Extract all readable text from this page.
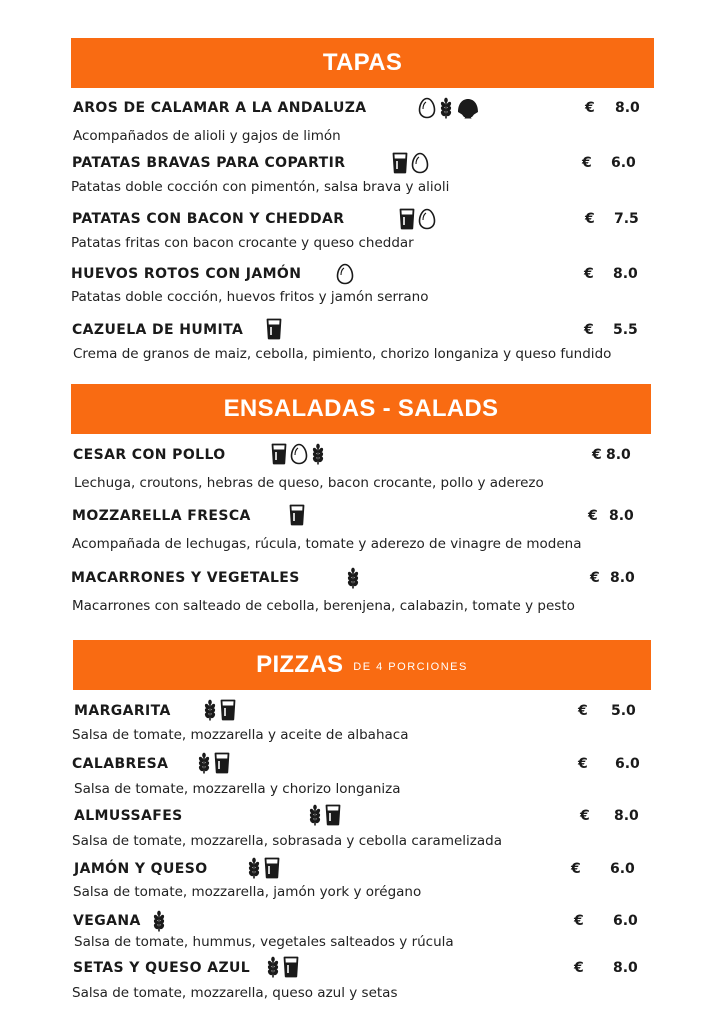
TAPAS
AROS DE CALAMAR A LA ANDALUZA	€ 8.0
Acompañados de alioli y gajos de limón
PATATAS BRAVAS PARA COPARTIR	€ 6.0
Patatas doble cocción con pimentón, salsa brava y alioli
PATATAS CON BACON Y CHEDDAR	€ 7.5
Patatas fritas con bacon crocante y queso cheddar
HUEVOS ROTOS CON JAMÓN	€ 8.0
Patatas doble cocción, huevos fritos y jamón serrano
CAZUELA DE HUMITA	€ 5.5
Crema de granos de maiz, cebolla, pimiento, chorizo longaniza y queso fundido
ENSALADAS - SALADS
CESAR CON POLLO	€ 8.0
Lechuga, croutons, hebras de queso, bacon crocante, pollo y aderezo
MOZZARELLA FRESCA	€ 8.0
Acompañada de lechugas, rúcula, tomate y aderezo de vinagre de modena
MACARRONES Y VEGETALES	€ 8.0
Macarrones con salteado de cebolla, berenjena, calabazin, tomate y pesto
PIZZAS DE 4 PORCIONES
MARGARITA	€ 5.0
Salsa de tomate, mozzarella y aceite de albahaca
CALABRESA	€ 6.0
Salsa de tomate, mozzarella y chorizo longaniza
ALMUSSAFES	€ 8.0
Salsa de tomate, mozzarella, sobrasada y cebolla caramelizada
JAMÓN Y QUESO	€ 6.0
Salsa de tomate, mozzarella, jamón york y orégano
VEGANA	€ 6.0
Salsa de tomate, hummus, vegetales salteados y rúcula
SETAS Y QUESO AZUL	€ 8.0
Salsa de tomate, mozzarella, queso azul y setas
